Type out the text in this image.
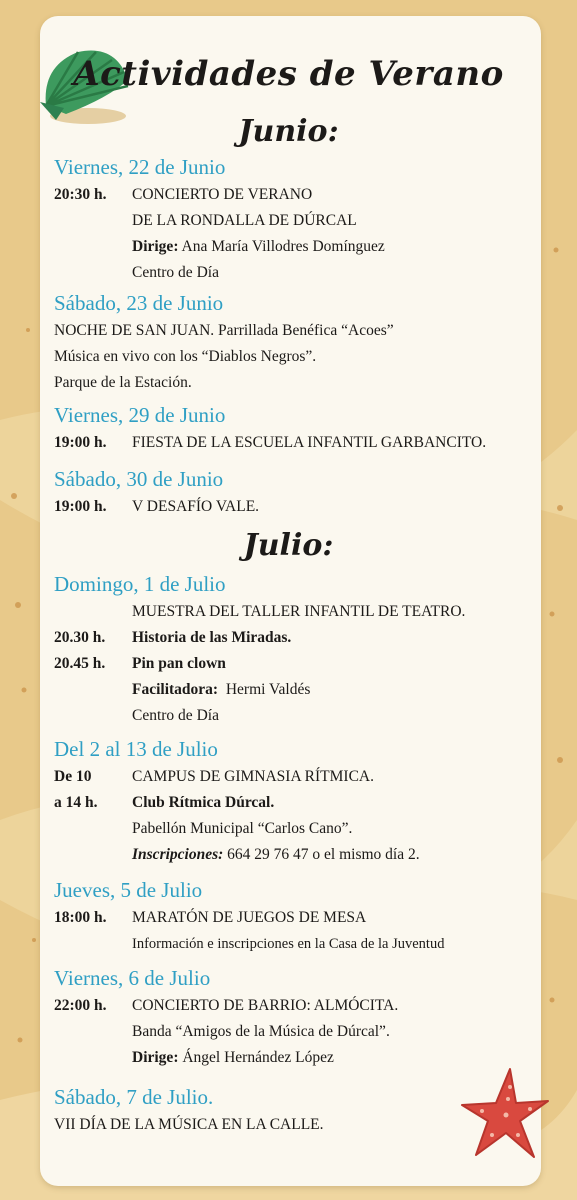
Actividades de Verano
Junio:
Viernes, 22 de Junio
20:30 h. CONCIERTO DE VERANO
DE LA RONDALLA DE DÚRCAL
Dirige: Ana María Villodres Domínguez
Centro de Día
Sábado, 23 de Junio
NOCHE DE SAN JUAN. Parrillada Benéfica “Acoes”
Música en vivo con los “Diablos Negros”.
Parque de la Estación.
Viernes, 29 de Junio
19:00 h. FIESTA DE LA ESCUELA INFANTIL GARBANCITO.
Sábado, 30 de Junio
19:00 h. V DESAFÍO VALE.
Julio:
Domingo, 1 de Julio
MUESTRA DEL TALLER INFANTIL DE TEATRO.
20.30 h. Historia de las Miradas.
20.45 h. Pin pan clown
Facilitadora: Hermi Valdés
Centro de Día
Del 2 al 13 de Julio
De 10	CAMPUS DE GIMNASIA RÍTMICA.
a 14 h. Club Rítmica Dúrcal.
Pabellón Municipal “Carlos Cano”.
Inscripciones: 664 29 76 47 o el mismo día 2.
Jueves, 5 de Julio
18:00 h. MARATÓN DE JUEGOS DE MESA
Información e inscripciones en la Casa de la Juventud
Viernes, 6 de Julio
22:00 h. CONCIERTO DE BARRIO: ALMÓCITA.
Banda “Amigos de la Música de Dúrcal”.
Dirige: Ángel Hernández López
Sábado, 7 de Julio.
VII DÍA DE LA MÚSICA EN LA CALLE.
